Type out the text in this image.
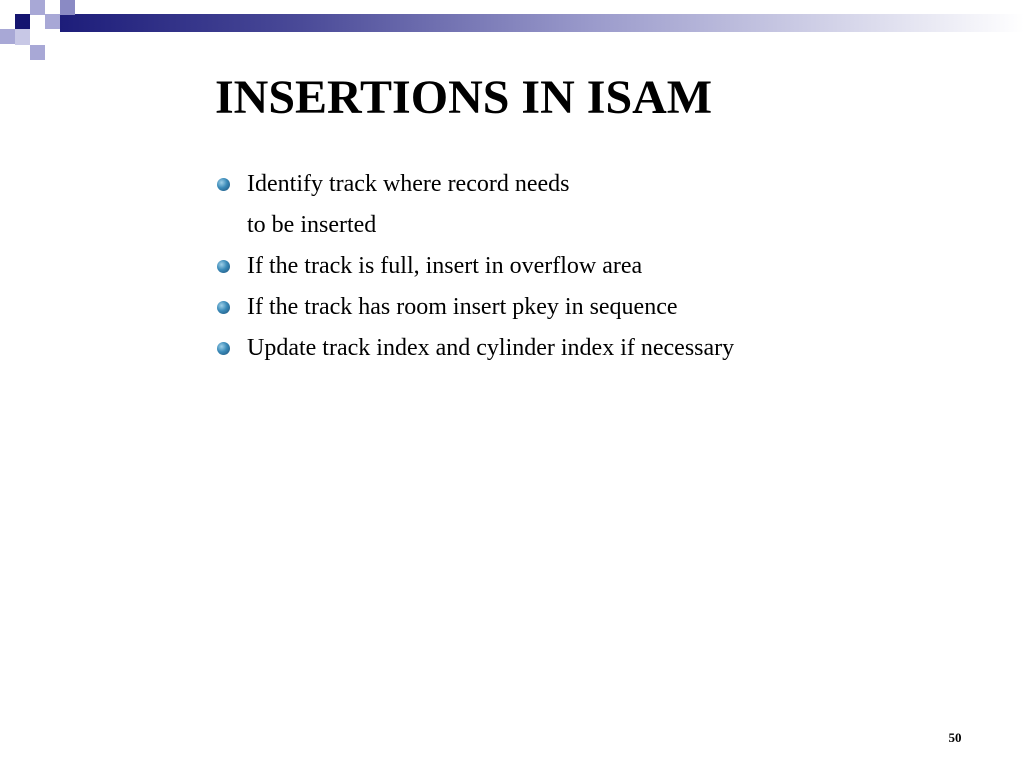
INSERTIONS IN ISAM
Identify track where record needs
to be inserted
If the track is full, insert in overflow area
If the track has room insert pkey in sequence
Update track index and cylinder index if necessary
50
